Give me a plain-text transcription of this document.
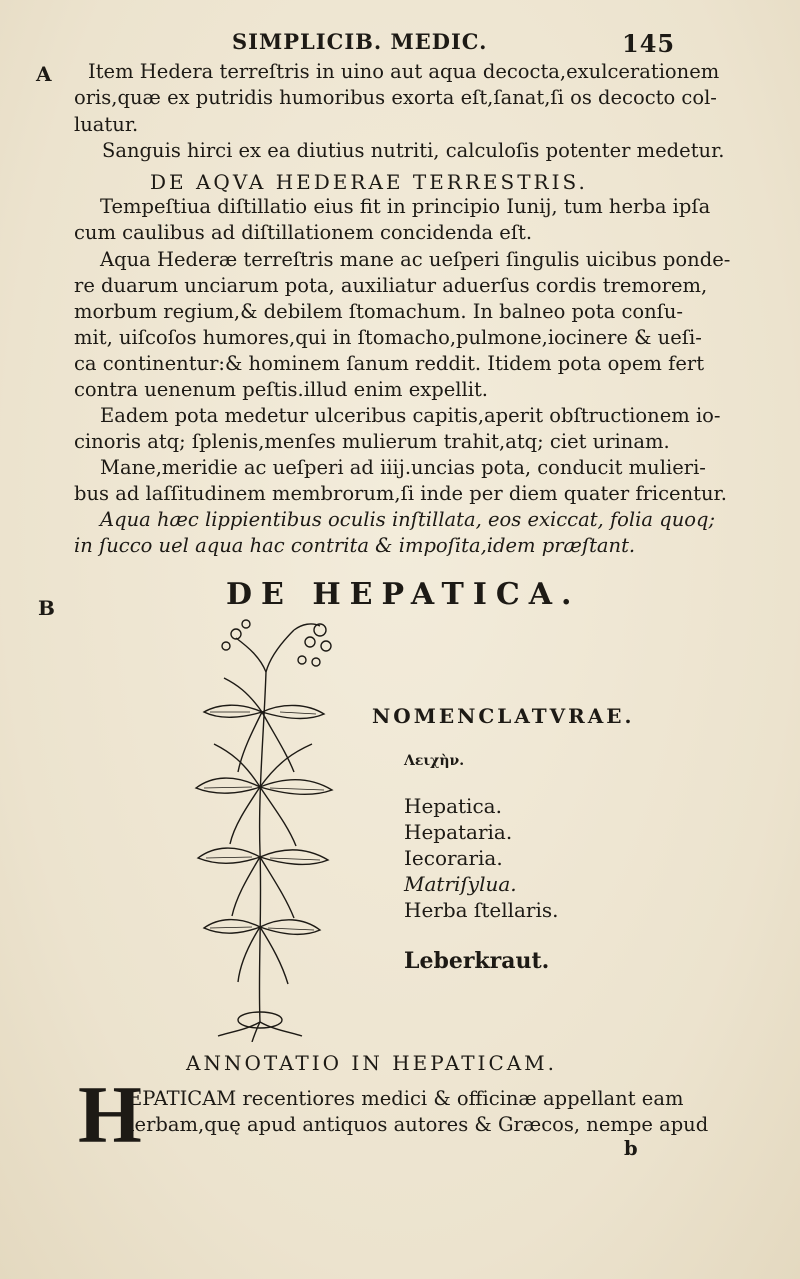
SIMPLICIB. MEDIC.	145
A
B
Item Hedera terreſtris in uino aut aqua decocta,exulcerationem
oris,quæ ex putridis humoribus exorta eſt,ſanat,ſi os decocto col-
luatur.
Sanguis hirci ex ea diutius nutriti, calculoſis potenter medetur.
DE AQVA HEDERAE TERRESTRIS.
Tempeſtiua diſtillatio eius fit in principio Iunij, tum herba ipſa
cum caulibus ad diſtillationem concidenda eſt.
Aqua Hederæ terreſtris mane ac ueſperi ſingulis uicibus ponde-
re duarum unciarum pota, auxiliatur aduerſus cordis tremorem,
morbum regium,& debilem ſtomachum. In balneo pota conſu-
mit, uiſcoſos humores,qui in ſtomacho,pulmone,iocinere & ueſi-
ca continentur:& hominem ſanum reddit. Itidem pota opem fert
contra uenenum peſtis.illud enim expellit.
Eadem pota medetur ulceribus capitis,aperit obſtructionem io-
cinoris atq; ſplenis,menſes mulierum trahit,atq; ciet urinam.
Mane,meridie ac ueſperi ad iiij.uncias pota, conducit mulieri-
bus ad laſſitudinem membrorum,ſi inde per diem quater fricentur.
Aqua hæc lippientibus oculis inſtillata, eos exiccat, folia quoq;
in ſucco uel aqua hac contrita & impoſita,idem præſtant.
DE HEPATICA.
NOMENCLATVRAE.
Λειχὴν.
Hepatica.
Hepataria.
Iecoraria.
Matriſylua.
Herba ſtellaris.
Leberkraut.
ANNOTATIO IN HEPATICAM.
H
EPATICAM recentiores medici & officinæ appellant eam
herbam,quę apud antiquos autores & Græcos, nempe apud
b
